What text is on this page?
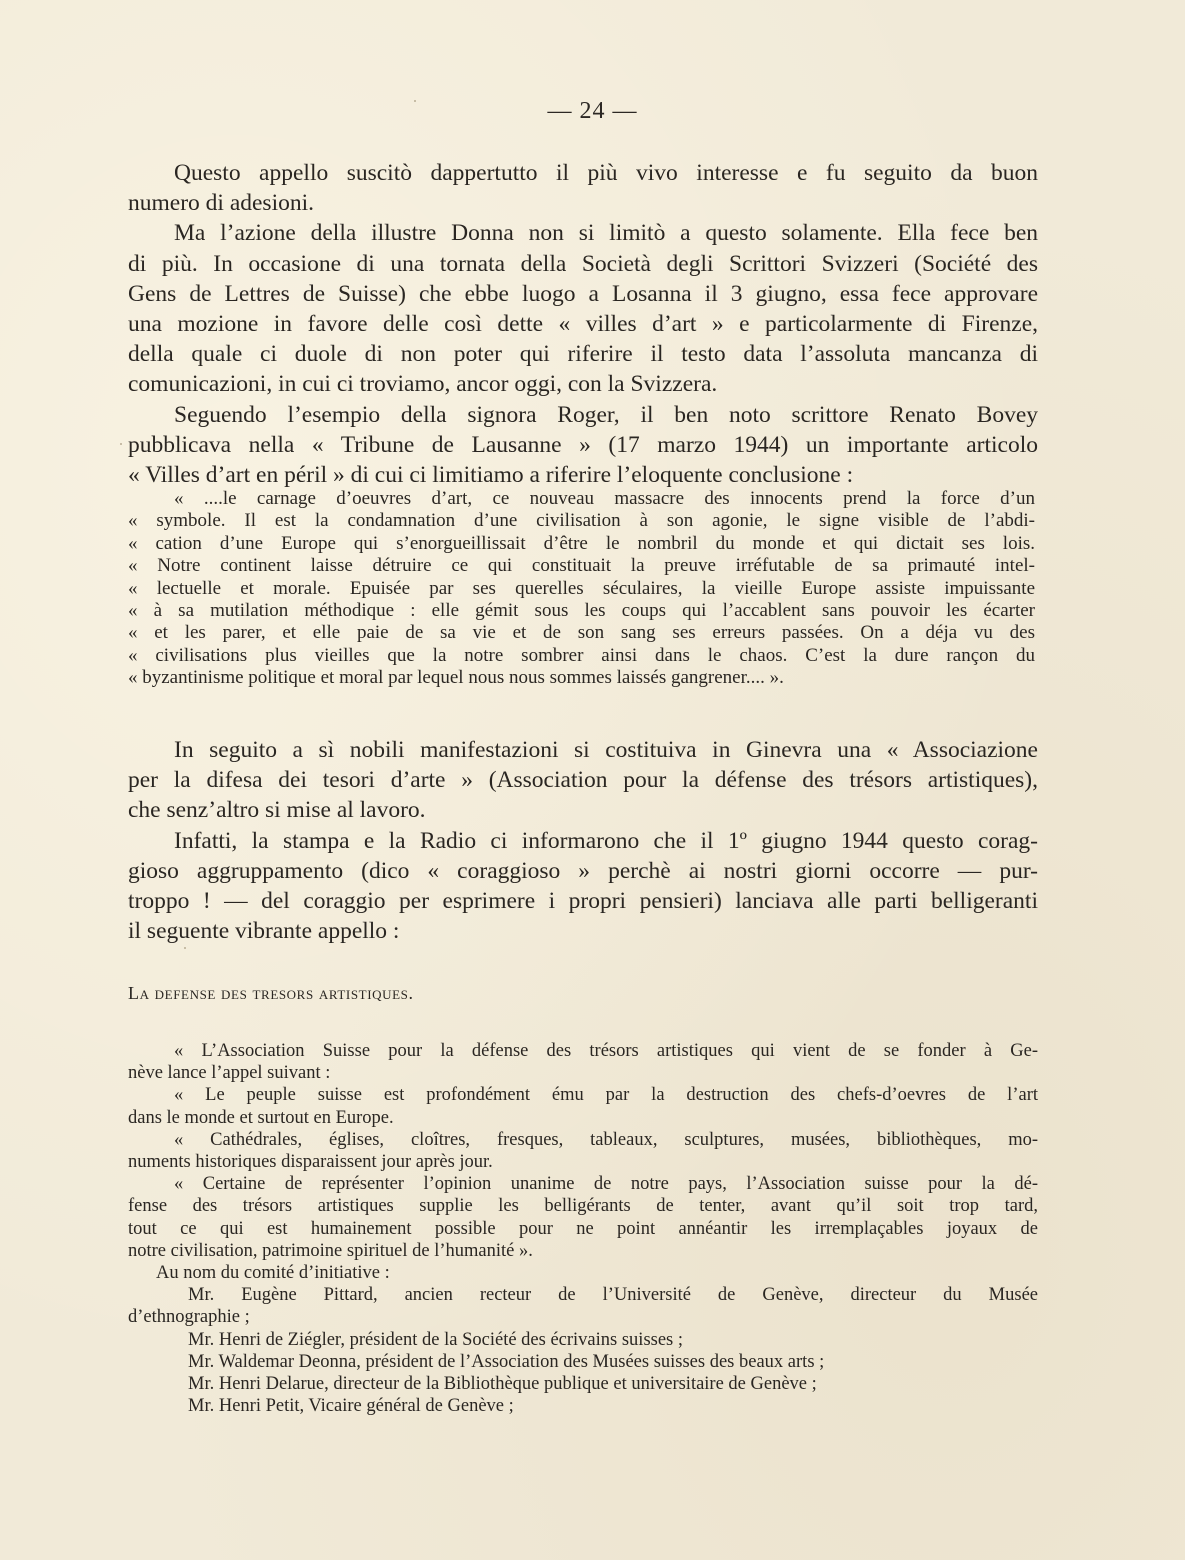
— 24 —
Questo appello suscitò dappertutto il più vivo interesse e fu seguito da buon
numero di adesioni.
Ma l’azione della illustre Donna non si limitò a questo solamente. Ella fece ben
di più. In occasione di una tornata della Società degli Scrittori Svizzeri (Société des
Gens de Lettres de Suisse) che ebbe luogo a Losanna il 3 giugno, essa fece approvare
una mozione in favore delle così dette « villes d’art » e particolarmente di Firenze,
della quale ci duole di non poter qui riferire il testo data l’assoluta mancanza di
comunicazioni, in cui ci troviamo, ancor oggi, con la Svizzera.
Seguendo l’esempio della signora Roger, il ben noto scrittore Renato Bovey
pubblicava nella « Tribune de Lausanne » (17 marzo 1944) un importante articolo
« Villes d’art en péril » di cui ci limitiamo a riferire l’eloquente conclusione :
« ....le carnage d’oeuvres d’art, ce nouveau massacre des innocents prend la force d’un
« symbole. Il est la condamnation d’une civilisation à son agonie, le signe visible de l’abdi-
« cation d’une Europe qui s’enorgueillissait d’être le nombril du monde et qui dictait ses lois.
« Notre continent laisse détruire ce qui constituait la preuve irréfutable de sa primauté intel-
« lectuelle et morale. Epuisée par ses querelles séculaires, la vieille Europe assiste impuissante
« à sa mutilation méthodique : elle gémit sous les coups qui l’accablent sans pouvoir les écarter
« et les parer, et elle paie de sa vie et de son sang ses erreurs passées. On a déja vu des
« civilisations plus vieilles que la notre sombrer ainsi dans le chaos. C’est la dure rançon du
« byzantinisme politique et moral par lequel nous nous sommes laissés gangrener.... ».
In seguito a sì nobili manifestazioni si costituiva in Ginevra una « Associazione
per la difesa dei tesori d’arte » (Association pour la défense des trésors artistiques),
che senz’altro si mise al lavoro.
Infatti, la stampa e la Radio ci informarono che il 1º giugno 1944 questo corag-
gioso aggruppamento (dico « coraggioso » perchè ai nostri giorni occorre — pur-
troppo ! — del coraggio per esprimere i propri pensieri) lanciava alle parti belligeranti
il seguente vibrante appello :
La defense des tresors artistiques.
« L’Association Suisse pour la défense des trésors artistiques qui vient de se fonder à Ge-
nève lance l’appel suivant :
« Le peuple suisse est profondément ému par la destruction des chefs-d’oevres de l’art
dans le monde et surtout en Europe.
« Cathédrales, églises, cloîtres, fresques, tableaux, sculptures, musées, bibliothèques, mo-
numents historiques disparaissent jour après jour.
« Certaine de représenter l’opinion unanime de notre pays, l’Association suisse pour la dé-
fense des trésors artistiques supplie les belligérants de tenter, avant qu’il soit trop tard,
tout ce qui est humainement possible pour ne point annéantir les irremplaçables joyaux de
notre civilisation, patrimoine spirituel de l’humanité ».
Au nom du comité d’initiative :
Mr. Eugène Pittard, ancien recteur de l’Université de Genève, directeur du Musée
d’ethnographie ;
Mr. Henri de Ziégler, président de la Société des écrivains suisses ;
Mr. Waldemar Deonna, président de l’Association des Musées suisses des beaux arts ;
Mr. Henri Delarue, directeur de la Bibliothèque publique et universitaire de Genève ;
Mr. Henri Petit, Vicaire général de Genève ;
